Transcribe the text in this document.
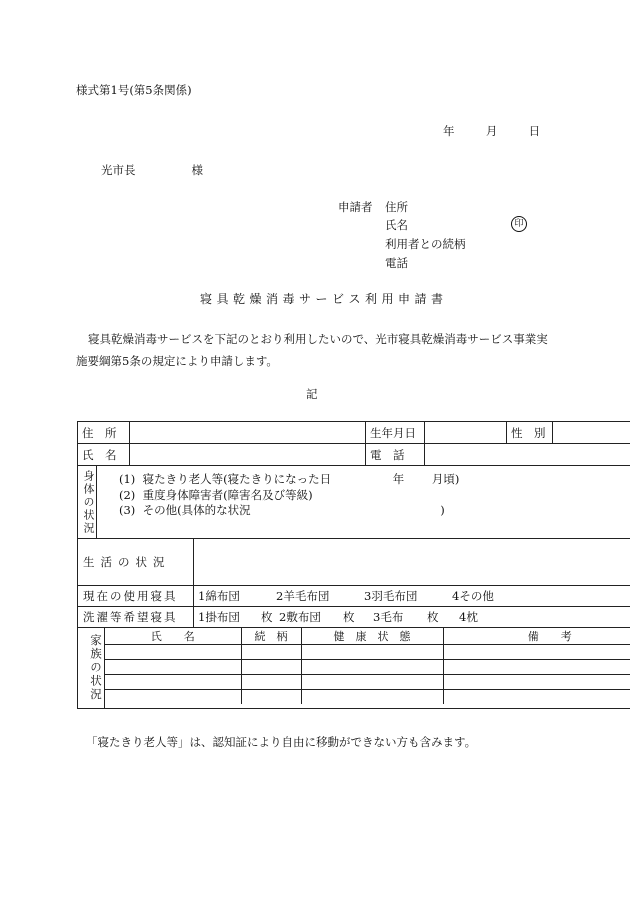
様式第1号(第5条関係)
年	月	日
光市長	様
申請者 住所
氏名	印
利用者との続柄
電話
寝具乾燥消毒サービス利用申請書
寝具乾燥消毒サービスを下記のとおり利用したいので、光市寝具乾燥消毒サービス事業実施要綱第5条の規定により申請します。
記
住　所		生年月日		性　別	
氏　名		電　話	

身体の状況 (1) 寝たきり老人等(寝たきりになった日	年 月頃)
(2) 重度身体障害者(障害名及び等級)
(3) その他(具体的な状況	)

生活の状況

現在の使用寝具	1綿布団	2羊毛布団	3羽毛布団	4その他

洗濯等希望寝具	1掛布団	枚 2敷布団	枚	3毛布	枚	4枕

家族の状況	氏　　名	続　柄	健　康　状　態	備　　考

「寝たきり老人等」は、認知証により自由に移動ができない方も含みます。
